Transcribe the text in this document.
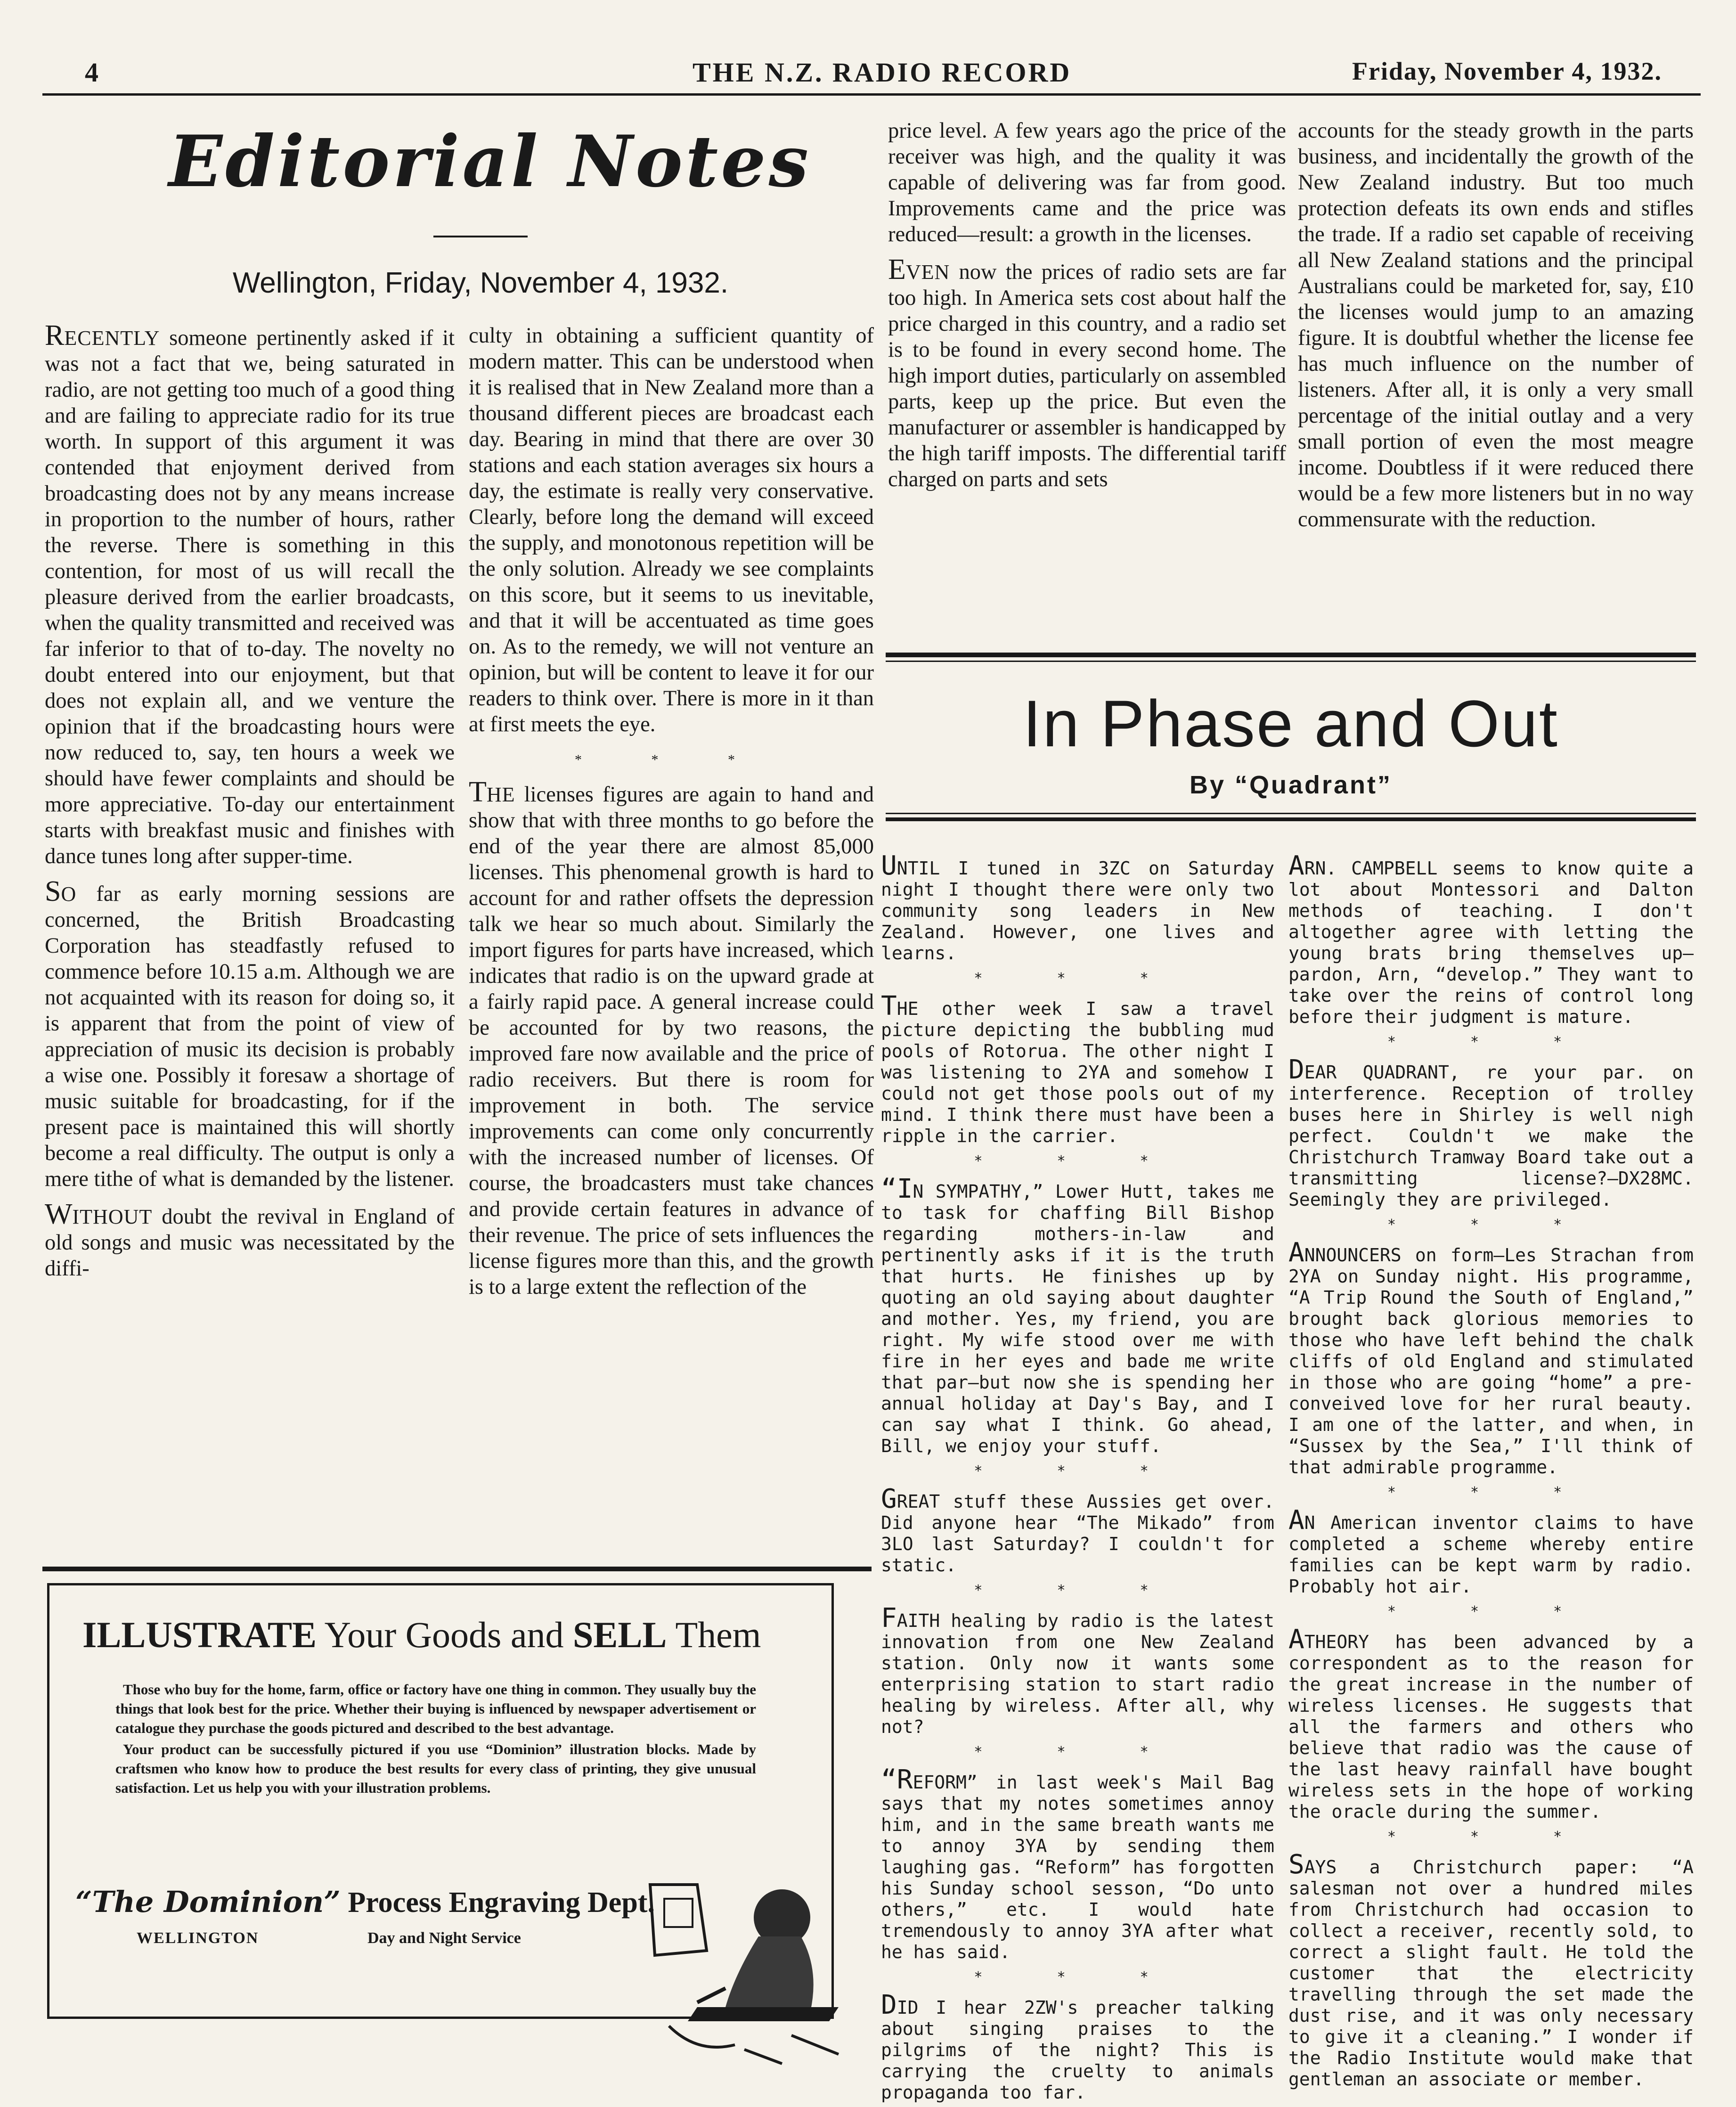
4	THE N.Z. RADIO RECORD	Friday, November 4, 1932.
Editorial Notes
Wellington, Friday, November 4, 1932.

RECENTLY someone pertinently asked if it was not a fact that we, being saturated in radio, are not getting too much of a good thing and are failing to appreciate radio for its true worth. In support of this argument it was contended that enjoyment derived from broadcasting does not by any means increase in proportion to the number of hours, rather the reverse. There is something in this contention, for most of us will recall the pleasure derived from the earlier broadcasts, when the quality transmitted and received was far inferior to that of to-day. The novelty no doubt entered into our enjoyment, but that does not explain all, and we venture the opinion that if the broadcasting hours were now reduced to, say, ten hours a week we should have fewer complaints and should be more appreciative. To-day our entertainment starts with breakfast music and finishes with dance tunes long after supper-time.

SO far as early morning sessions are concerned, the British Broadcasting Corporation has steadfastly refused to commence before 10.15 a.m. Although we are not acquainted with its reason for doing so, it is apparent that from the point of view of appreciation of music its decision is probably a wise one. Possibly it foresaw a shortage of music suitable for broadcasting, for if the present pace is maintained this will shortly become a real difficulty. The output is only a mere tithe of what is demanded by the listener.

WITHOUT doubt the revival in England of old songs and music was necessitated by the diffi-

culty in obtaining a sufficient quantity of modern matter. This can be understood when it is realised that in New Zealand more than a thousand different pieces are broadcast each day. Bearing in mind that there are over 30 stations and each station averages six hours a day, the estimate is really very conservative. Clearly, before long the demand will exceed the supply, and monotonous repetition will be the only solution. Already we see complaints on this score, but it seems to us inevitable, and that it will be accentuated as time goes on. As to the remedy, we will not venture an opinion, but will be content to leave it for our readers to think over. There is more in it than at first meets the eye.

* * *

THE licenses figures are again to hand and show that with three months to go before the end of the year there are almost 85,000 licenses. This phenomenal growth is hard to account for and rather offsets the depression talk we hear so much about. Similarly the import figures for parts have increased, which indicates that radio is on the upward grade at a fairly rapid pace. A general increase could be accounted for by two reasons, the improved fare now available and the price of radio receivers. But there is room for improvement in both. The service improvements can come only concurrently with the increased number of licenses. Of course, the broadcasters must take chances and provide certain features in advance of their revenue. The price of sets influences the license figures more than this, and the growth is to a large extent the reflection of the

price level. A few years ago the price of the receiver was high, and the quality it was capable of delivering was far from good. Improvements came and the price was reduced—result: a growth in the licenses.

EVEN now the prices of radio sets are far too high. In America sets cost about half the price charged in this country, and a radio set is to be found in every second home. The high import duties, particularly on assembled parts, keep up the price. But even the manufacturer or assembler is handicapped by the high tariff imposts. The differential tariff charged on parts and sets

accounts for the steady growth in the parts business, and incidentally the growth of the New Zealand industry. But too much protection defeats its own ends and stifles the trade. If a radio set capable of receiving all New Zealand stations and the principal Australians could be marketed for, say, £10 the licenses would jump to an amazing figure. It is doubtful whether the license fee has much influence on the number of listeners. After all, it is only a very small percentage of the initial outlay and a very small portion of even the most meagre income. Doubtless if it were reduced there would be a few more listeners but in no way commensurate with the reduction.

In Phase and Out
By “Quadrant”

UNTIL I tuned in 3ZC on Saturday night I thought there were only two community song leaders in New Zealand. However, one lives and learns.

* * *

THE other week I saw a travel picture depicting the bubbling mud pools of Rotorua. The other night I was listening to 2YA and somehow I could not get those pools out of my mind. I think there must have been a ripple in the carrier.

* * *

“IN SYMPATHY,” Lower Hutt, takes me to task for chaffing Bill Bishop regarding mothers-in-law and pertinently asks if it is the truth that hurts. He finishes up by quoting an old saying about daughter and mother. Yes, my friend, you are right. My wife stood over me with fire in her eyes and bade me write that par—but now she is spending her annual holiday at Day's Bay, and I can say what I think. Go ahead, Bill, we enjoy your stuff.

* * *

GREAT stuff these Aussies get over. Did anyone hear “The Mikado” from 3LO last Saturday? I couldn't for static.

* * *

FAITH healing by radio is the latest innovation from one New Zealand station. Only now it wants some enterprising station to start radio healing by wireless. After all, why not?

* * *

“REFORM” in last week's Mail Bag says that my notes sometimes annoy him, and in the same breath wants me to annoy 3YA by sending them laughing gas. “Reform” has forgotten his Sunday school sesson, “Do unto others,” etc. I would hate tremendously to annoy 3YA after what he has said.

* * *

DID I hear 2ZW's preacher talking about singing praises to the pilgrims of the night? This is carrying the cruelty to animals propaganda too far.

ARN. CAMPBELL seems to know quite a lot about Montessori and Dalton methods of teaching. I don't altogether agree with letting the young brats bring themselves up—pardon, Arn, “develop.” They want to take over the reins of control long before their judgment is mature.

* * *

DEAR QUADRANT, re your par. on interference. Reception of trolley buses here in Shirley is well nigh perfect. Couldn't we make the Christchurch Tramway Board take out a transmitting license?—DX28MC. Seemingly they are privileged.

* * *

ANNOUNCERS on form—Les Strachan from 2YA on Sunday night. His programme, “A Trip Round the South of England,” brought back glorious memories to those who have left behind the chalk cliffs of old England and stimulated in those who are going “home” a pre-conveived love for her rural beauty. I am one of the latter, and when, in “Sussex by the Sea,” I'll think of that admirable programme.

* * *

AN American inventor claims to have completed a scheme whereby entire families can be kept warm by radio. Probably hot air.

* * *

ATHEORY has been advanced by a correspondent as to the reason for the great increase in the number of wireless licenses. He suggests that all the farmers and others who believe that radio was the cause of the last heavy rainfall have bought wireless sets in the hope of working the oracle during the summer.

* * *

SAYS a Christchurch paper: “A salesman not over a hundred miles from Christchurch had occasion to collect a receiver, recently sold, to correct a slight fault. He told the customer that the electricity travelling through the set made the dust rise, and it was only necessary to give it a cleaning.” I wonder if the Radio Institute would make that gentleman an associate or member.

ILLUSTRATE Your Goods and SELL Them

Those who buy for the home, farm, office or factory have one thing in common. They usually buy the things that look best for the price. Whether their buying is influenced by newspaper advertisement or catalogue they purchase the goods pictured and described to the best advantage.

Your product can be successfully pictured if you use “Dominion” illustration blocks. Made by craftsmen who know how to produce the best results for every class of printing, they give unusual satisfaction. Let us help you with your illustration problems.

“The Dominion” Process Engraving Dept.
WELLINGTON	Day and Night Service
